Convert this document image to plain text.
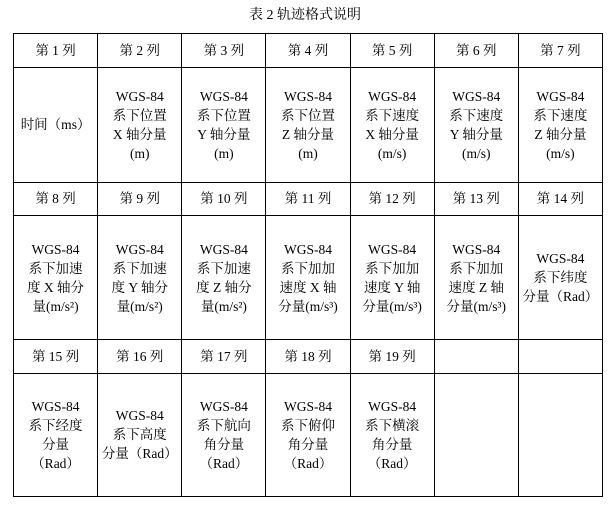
表 2 轨迹格式说明
第 1 列	第 2 列	第 3 列	第 4 列	第 5 列	第 6 列	第 7 列

时间（ms）	WGS-84
系下位置
X 轴分量
(m)	WGS-84
系下位置
Y 轴分量
(m)	WGS-84
系下位置
Z 轴分量
(m)	WGS-84
系下速度
X 轴分量
(m/s)	WGS-84
系下速度
Y 轴分量
(m/s)	WGS-84
系下速度
Z 轴分量
(m/s)

第 8 列	第 9 列	第 10 列	第 11 列	第 12 列	第 13 列	第 14 列

WGS-84
系下加速
度 X 轴分
量(m/s²)	WGS-84
系下加速
度 Y 轴分
量(m/s²)	WGS-84
系下加速
度 Z 轴分
量(m/s²)	WGS-84
系下加加
速度 X 轴
分量(m/s³)	WGS-84
系下加加
速度 Y 轴
分量(m/s³)	WGS-84
系下加加
速度 Z 轴
分量(m/s³)	WGS-84
系下纬度
分量（Rad）

第 15 列	第 16 列	第 17 列	第 18 列	第 19 列		

WGS-84
系下经度
分量
（Rad）	WGS-84
系下高度
分量（Rad）	WGS-84
系下航向
角分量
（Rad）	WGS-84
系下俯仰
角分量
（Rad）	WGS-84
系下横滚
角分量
（Rad）		
